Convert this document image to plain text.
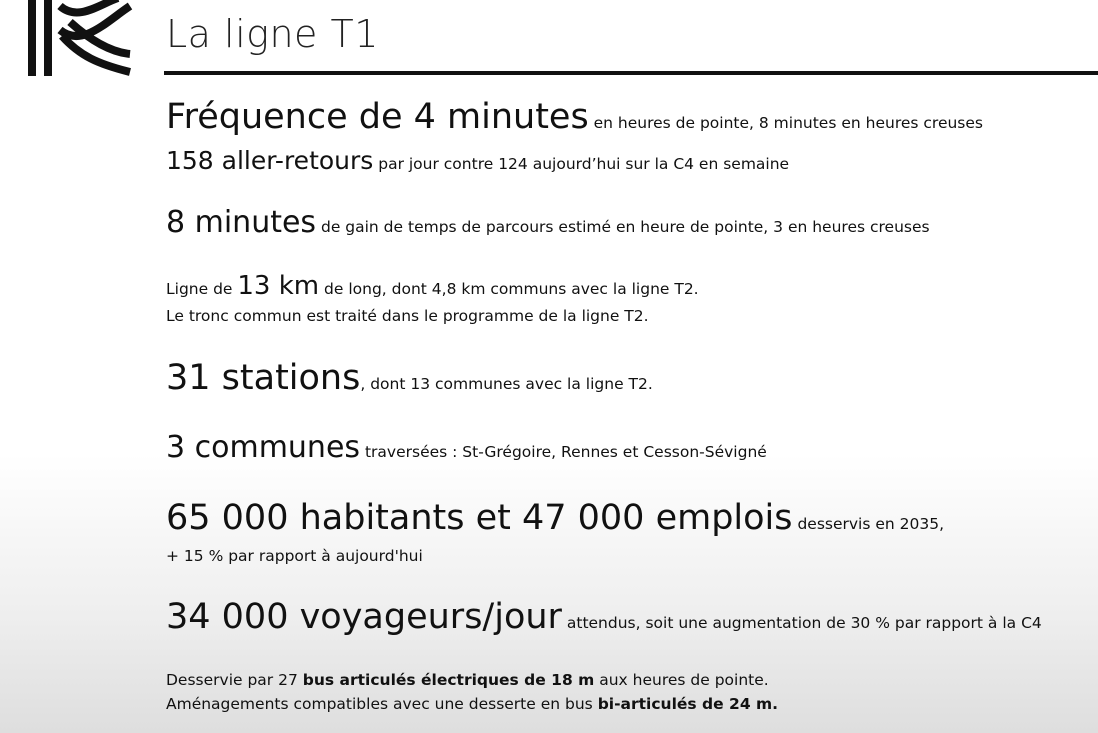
La ligne T1
Fréquence de 4 minutes en heures de pointe, 8 minutes en heures creuses
158 aller-retours par jour contre 124 aujourd’hui sur la C4 en semaine
8 minutes de gain de temps de parcours estimé en heure de pointe, 3 en heures creuses
Ligne de 13 km de long, dont 4,8 km communs avec la ligne T2.
Le tronc commun est traité dans le programme de la ligne T2.
31 stations, dont 13 communes avec la ligne T2.
3 communes traversées : St-Grégoire, Rennes et Cesson-Sévigné
65 000 habitants et 47 000 emplois desservis en 2035,
+ 15 % par rapport à aujourd'hui
34 000 voyageurs/jour attendus, soit une augmentation de 30 % par rapport à la C4
Desservie par 27 bus articulés électriques de 18 m aux heures de pointe.
Aménagements compatibles avec une desserte en bus bi-articulés de 24 m.
